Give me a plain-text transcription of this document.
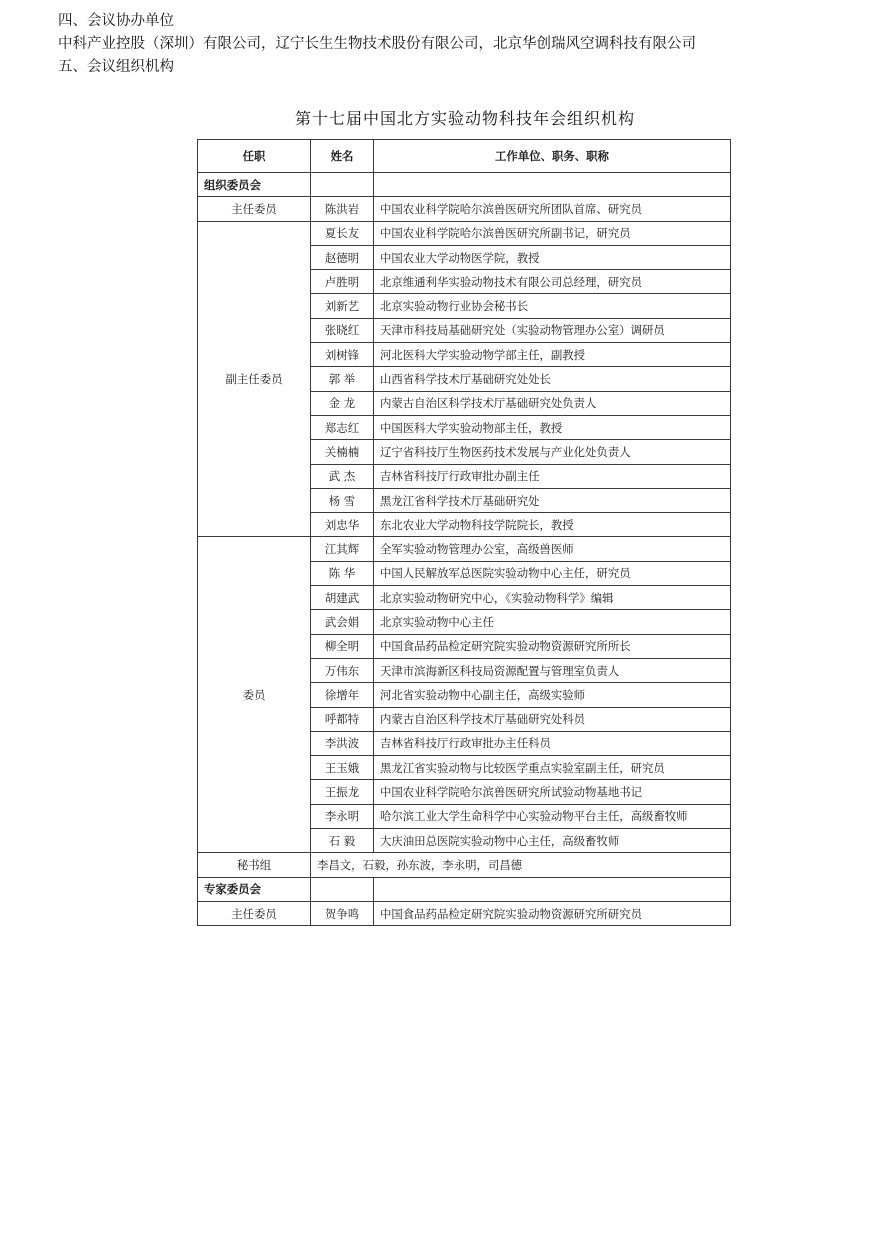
四、会议协办单位
中科产业控股（深圳）有限公司，辽宁长生生物技术股份有限公司，北京华创瑞风空调科技有限公司
五、会议组织机构
第十七届中国北方实验动物科技年会组织机构
任职	姓名	工作单位、职务、职称
组织委员会		
主任委员	陈洪岩	中国农业科学院哈尔滨兽医研究所团队首席、研究员
副主任委员	夏长友	中国农业科学院哈尔滨兽医研究所副书记，研究员
	赵德明	中国农业大学动物医学院，教授
	卢胜明	北京维通利华实验动物技术有限公司总经理，研究员
	刘新艺	北京实验动物行业协会秘书长
	张晓红	天津市科技局基础研究处（实验动物管理办公室）调研员
	刘树锋	河北医科大学实验动物学部主任，副教授
	郭 举	山西省科学技术厅基础研究处处长
	金 龙	内蒙古自治区科学技术厅基础研究处负责人
	郑志红	中国医科大学实验动物部主任，教授
	关楠楠	辽宁省科技厅生物医药技术发展与产业化处负责人
	武 杰	吉林省科技厅行政审批办副主任
	杨 雪	黑龙江省科学技术厅基础研究处
	刘忠华	东北农业大学动物科技学院院长，教授
委员	江其辉	全军实验动物管理办公室，高级兽医师
	陈 华	中国人民解放军总医院实验动物中心主任，研究员
	胡建武	北京实验动物研究中心，《实验动物科学》编辑
	武会娟	北京实验动物中心主任
	柳全明	中国食品药品检定研究院实验动物资源研究所所长
	万伟东	天津市滨海新区科技局资源配置与管理室负责人
	徐增年	河北省实验动物中心副主任，高级实验师
	呼都特	内蒙古自治区科学技术厅基础研究处科员
	李洪波	吉林省科技厅行政审批办主任科员
	王玉娥	黑龙江省实验动物与比较医学重点实验室副主任，研究员
	王振龙	中国农业科学院哈尔滨兽医研究所试验动物基地书记
	李永明	哈尔滨工业大学生命科学中心实验动物平台主任，高级畜牧师
	石 毅	大庆油田总医院实验动物中心主任，高级畜牧师
秘书组	李昌文，石毅，孙东波，李永明，司昌德	
专家委员会		
主任委员	贺争鸣	中国食品药品检定研究院实验动物资源研究所研究员
